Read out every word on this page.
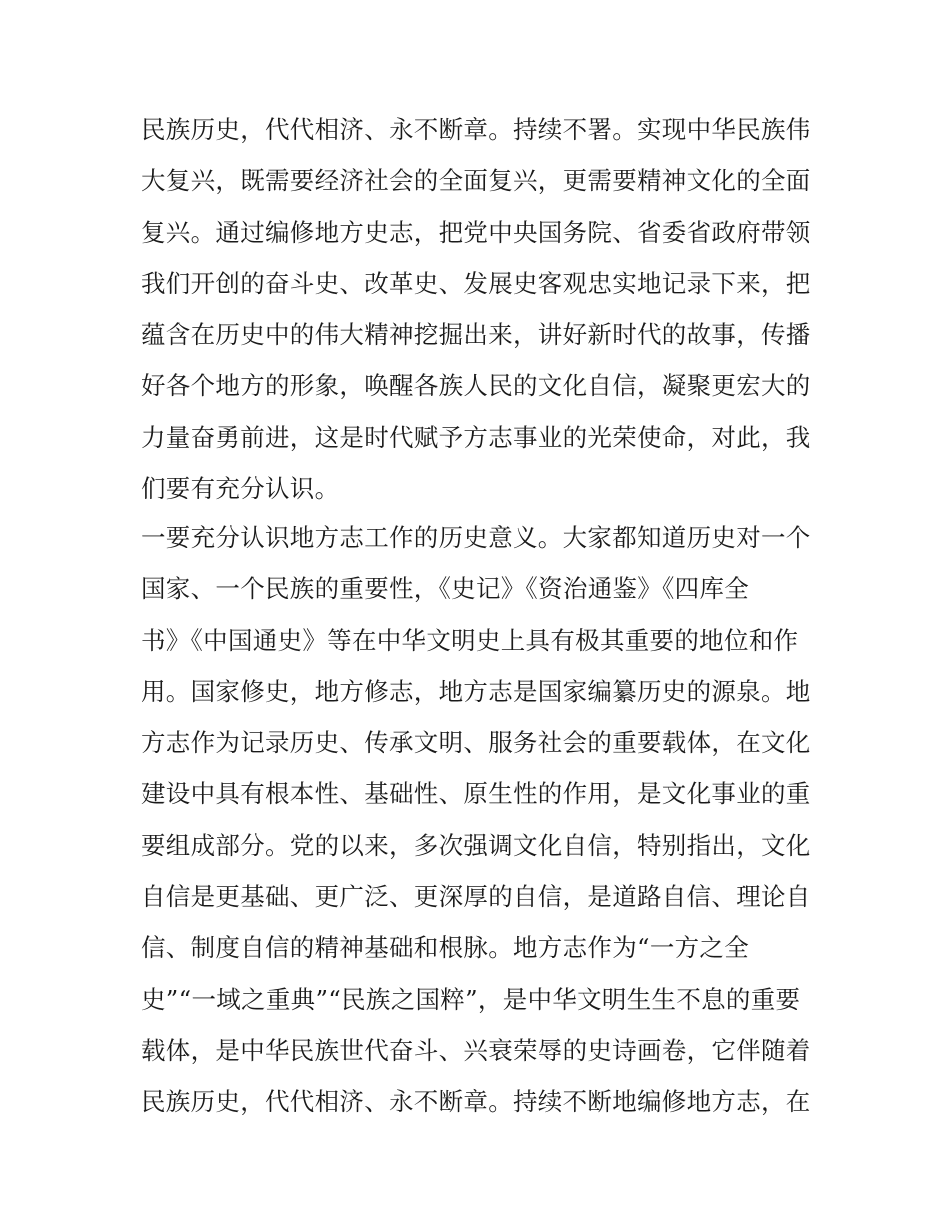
民族历史，代代相济、永不断章。持续不署。实现中华民族伟
大复兴，既需要经济社会的全面复兴，更需要精神文化的全面
复兴。通过编修地方史志，把党中央国务院、省委省政府带领
我们开创的奋斗史、改革史、发展史客观忠实地记录下来，把
蕴含在历史中的伟大精神挖掘出来，讲好新时代的故事，传播
好各个地方的形象，唤醒各族人民的文化自信，凝聚更宏大的
力量奋勇前进，这是时代赋予方志事业的光荣使命，对此，我
们要有充分认识。
一要充分认识地方志工作的历史意义。大家都知道历史对一个
国家、一个民族的重要性，《史记》《资治通鉴》《四库全
书》《中国通史》等在中华文明史上具有极其重要的地位和作
用。国家修史，地方修志，地方志是国家编纂历史的源泉。地
方志作为记录历史、传承文明、服务社会的重要载体，在文化
建设中具有根本性、基础性、原生性的作用，是文化事业的重
要组成部分。党的以来，多次强调文化自信，特别指出，文化
自信是更基础、更广泛、更深厚的自信，是道路自信、理论自
信、制度自信的精神基础和根脉。地方志作为“一方之全
史”“一域之重典”“民族之国粹”，是中华文明生生不息的重要
载体，是中华民族世代奋斗、兴衰荣辱的史诗画卷，它伴随着
民族历史，代代相济、永不断章。持续不断地编修地方志，在
